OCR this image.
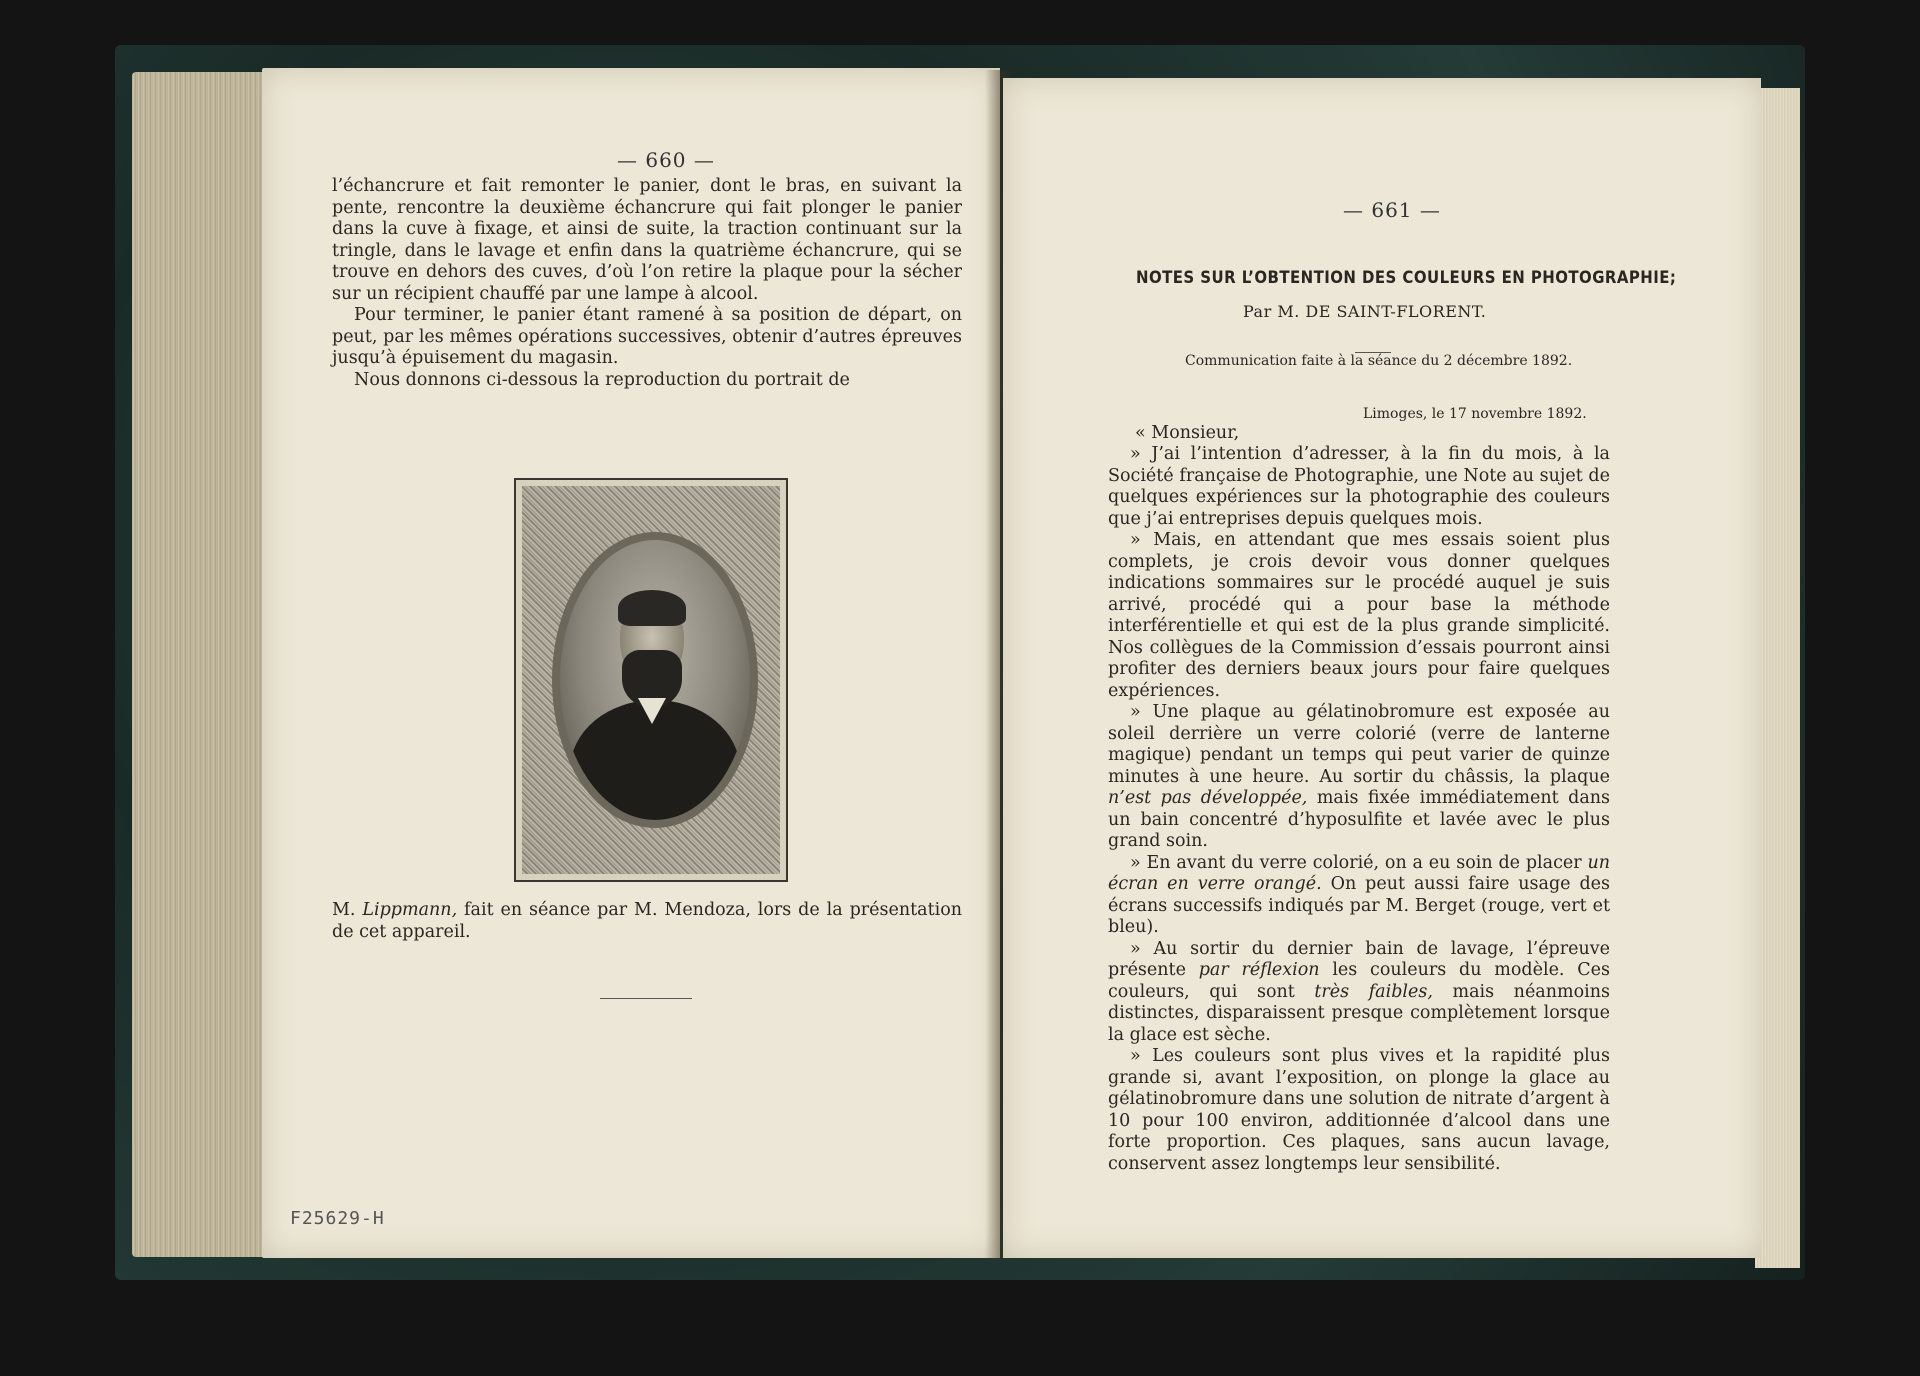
— 660 —

l’échancrure et fait remonter le panier, dont le bras, en suivant la pente, rencontre la deuxième échancrure qui fait plonger le panier dans la cuve à fixage, et ainsi de suite, la traction continuant sur la tringle, dans le lavage et enfin dans la quatrième échancrure, qui se trouve en dehors des cuves, d’où l’on retire la plaque pour la sécher sur un récipient chauffé par une lampe à alcool.

Pour terminer, le panier étant ramené à sa position de départ, on peut, par les mêmes opérations successives, obtenir d’autres épreuves jusqu’à épuisement du magasin.

Nous donnons ci-dessous la reproduction du portrait de

M. Lippmann, fait en séance par M. Mendoza, lors de la présentation de cet appareil.

F25629-H
— 661 —
NOTES SUR L’OBTENTION DES COULEURS EN PHOTOGRAPHIE;
Par M. DE SAINT-FLORENT.
Communication faite à la séance du 2 décembre 1892.
Limoges, le 17 novembre 1892.
« Monsieur,

» J’ai l’intention d’adresser, à la fin du mois, à la Société française de Photographie, une Note au sujet de quelques expériences sur la photographie des couleurs que j’ai entreprises depuis quelques mois.

» Mais, en attendant que mes essais soient plus complets, je crois devoir vous donner quelques indications sommaires sur le procédé auquel je suis arrivé, procédé qui a pour base la méthode interférentielle et qui est de la plus grande simplicité. Nos collègues de la Commission d’essais pourront ainsi profiter des derniers beaux jours pour faire quelques expériences.

» Une plaque au gélatinobromure est exposée au soleil derrière un verre colorié (verre de lanterne magique) pendant un temps qui peut varier de quinze minutes à une heure. Au sortir du châssis, la plaque n’est pas développée, mais fixée immédiatement dans un bain concentré d’hyposulfite et lavée avec le plus grand soin.

» En avant du verre colorié, on a eu soin de placer un écran en verre orangé. On peut aussi faire usage des écrans successifs indiqués par M. Berget (rouge, vert et bleu).

» Au sortir du dernier bain de lavage, l’épreuve présente par réflexion les couleurs du modèle. Ces couleurs, qui sont très faibles, mais néanmoins distinctes, disparaissent presque complètement lorsque la glace est sèche.

» Les couleurs sont plus vives et la rapidité plus grande si, avant l’exposition, on plonge la glace au gélatinobromure dans une solution de nitrate d’argent à 10 pour 100 environ, additionnée d’alcool dans une forte proportion. Ces plaques, sans aucun lavage, conservent assez longtemps leur sensibilité.
